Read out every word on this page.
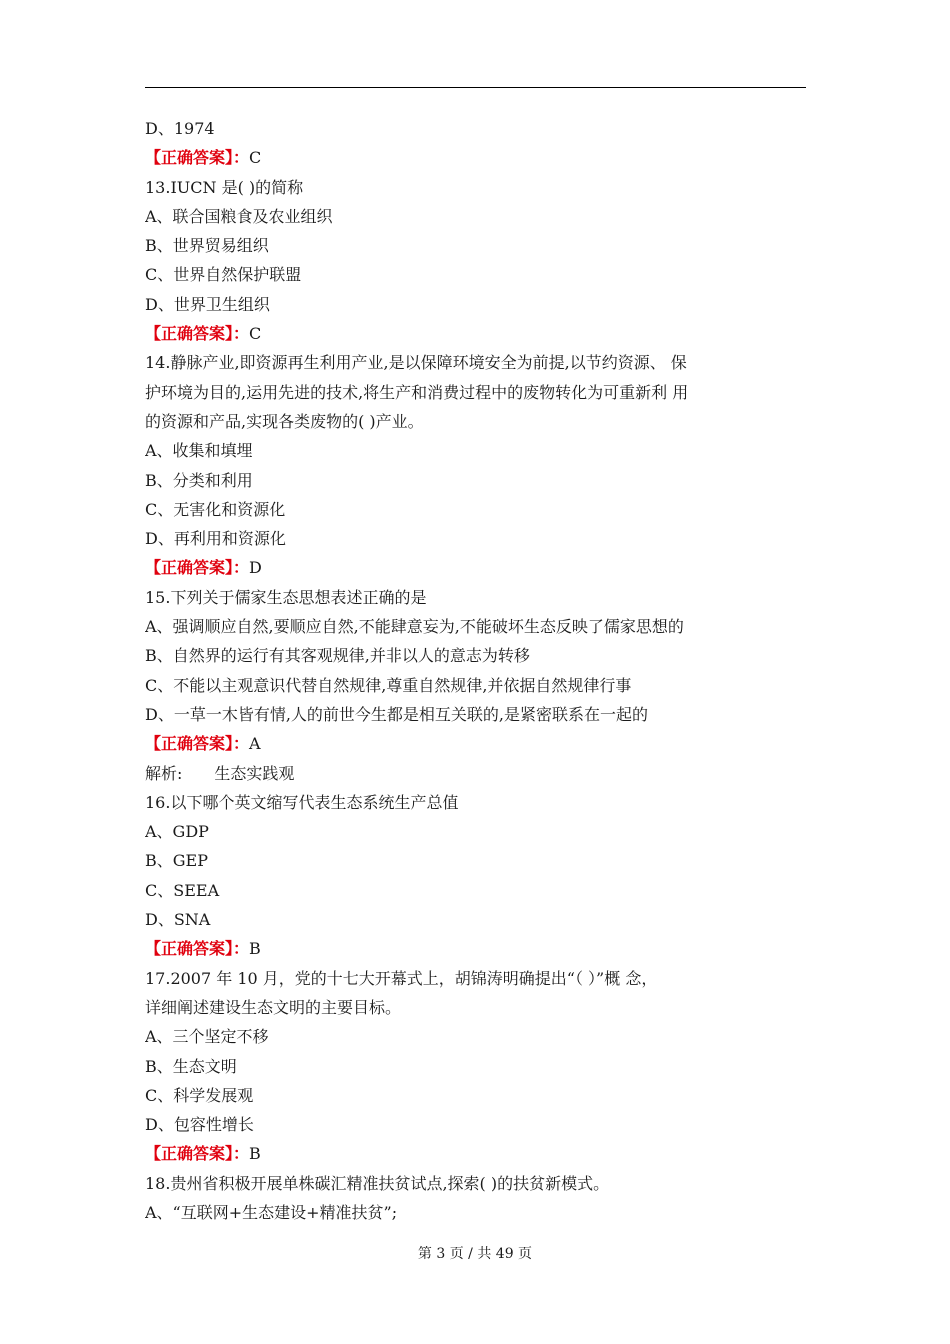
D、1974
【正确答案】：C
13.IUCN 是( )的简称
A、联合国粮食及农业组织
B、世界贸易组织
C、世界自然保护联盟
D、世界卫生组织
【正确答案】：C
14.静脉产业,即资源再生利用产业,是以保障环境安全为前提,以节约资源、 保
护环境为目的,运用先进的技术,将生产和消费过程中的废物转化为可重新利 用
的资源和产品,实现各类废物的( )产业。
A、收集和填埋
B、分类和利用
C、无害化和资源化
D、再利用和资源化
【正确答案】：D
15.下列关于儒家生态思想表述正确的是
A、强调顺应自然,要顺应自然,不能肆意妄为,不能破坏生态反映了儒家思想的
B、自然界的运行有其客观规律,并非以人的意志为转移
C、不能以主观意识代替自然规律,尊重自然规律,并依据自然规律行事
D、一草一木皆有情,人的前世今生都是相互关联的,是紧密联系在一起的
【正确答案】：A
解析:　　生态实践观
16.以下哪个英文缩写代表生态系统生产总值
A、GDP
B、GEP
C、SEEA
D、SNA
【正确答案】：B
17.2007 年 10 月，党的十七大开幕式上，胡锦涛明确提出“（ ）”概 念，
详细阐述建设生态文明的主要目标。
A、三个坚定不移
B、生态文明
C、科学发展观
D、包容性增长
【正确答案】：B
18.贵州省积极开展单株碳汇精准扶贫试点,探索( )的扶贫新模式。
A、“互联网+生态建设+精准扶贫”;
第 3 页 / 共 49 页
